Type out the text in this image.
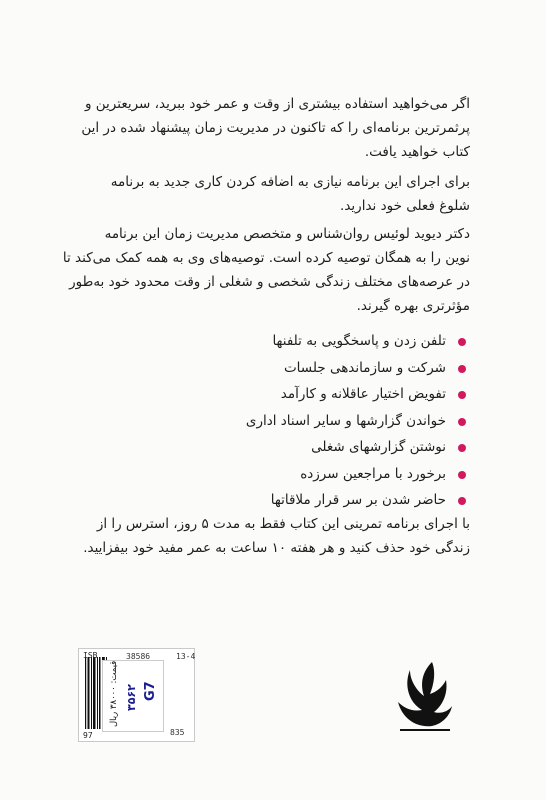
اگر می‌خواهید استفاده بیشتری از وقت و عمر خود ببرید، سریعترین و

پرثمرترین برنامه‌ای را که تاکنون در مدیریت زمان پیشنهاد شده در این

کتاب خواهید یافت.

برای اجرای این برنامه نیازی به اضافه کردن کاری جدید به برنامه

شلوغ فعلی خود ندارید.

دکتر دیوید لوئیس روان‌شناس و متخصص مدیریت زمان این برنامه

نوین را به همگان توصیه کرده است. توصیه‌های وی به همه کمک می‌کند تا

در عرصه‌های مختلف زندگی شخصی و شغلی از وقت محدود خود به‌طور

مؤثرتری بهره گیرند.

تلفن زدن و پاسخگویی به تلفنها
شرکت و سازماندهی جلسات
تفویض اختیار عاقلانه و کارآمد
خواندن گزارشها و سایر اسناد اداری
نوشتن گزارشهای شغلی
برخورد با مراجعین سرزده
حاضر شدن بر سر قرار ملاقاتها

با اجرای برنامه تمرینی این کتاب فقط به مدت ۵ روز، استرس را از

زندگی خود حذف کنید و هر هفته ۱۰ ساعت به عمر مفید خود بیفزایید.

ISB
97
قیمت: ۳۸۰۰۰ ریال
۳۵۶۲ G7
38586	13-4
835
